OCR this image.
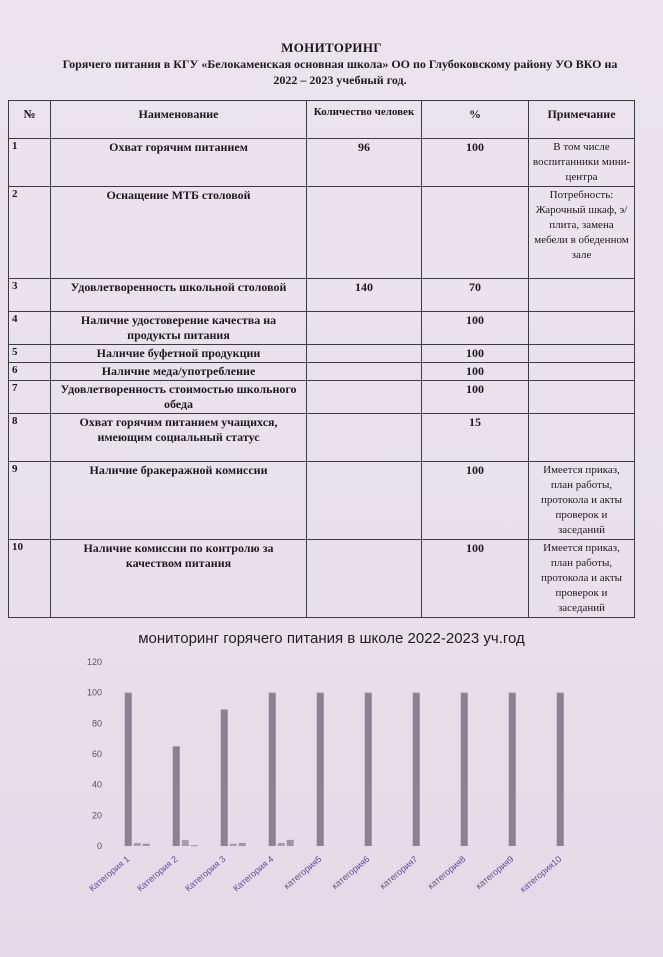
МОНИТОРИНГ
Горячего питания в КГУ «Белокаменская основная школа» ОО по Глубоковскому району УО ВКО на 2022 – 2023 учебный год.
№	Наименование	Количество человек	%	Примечание
1	Охват горячим питанием	96	100	В том числе воспитанники мини-центра
2	Оснащение МТБ столовой			Потребность: Жарочный шкаф, э/плита, замена мебели в обеденном зале
3	Удовлетворенность школьной столовой	140	70	
4	Наличие удостоверение качества на продукты питания		100	
5	Наличие буфетной продукции		100	
6	Наличие меда/употребление		100	
7	Удовлетворенность стоимостью школьного обеда		100	
8	Охват горячим питанием учащихся, имеющим социальный статус		15	
9	Наличие бракеражной комиссии		100	Имеется приказ, план работы, протокола и акты проверок и заседаний
10	Наличие комиссии по контролю за качеством питания		100	Имеется приказ, план работы, протокола и акты проверок и заседаний
мониторинг горячего питания в школе 2022-2023 уч.год
0
20
40
60
80
100
120
Категория 1 Категория 2 Категория 3 Категория 4 категория5 категория6 категория7 категория8 категория9 категория10
